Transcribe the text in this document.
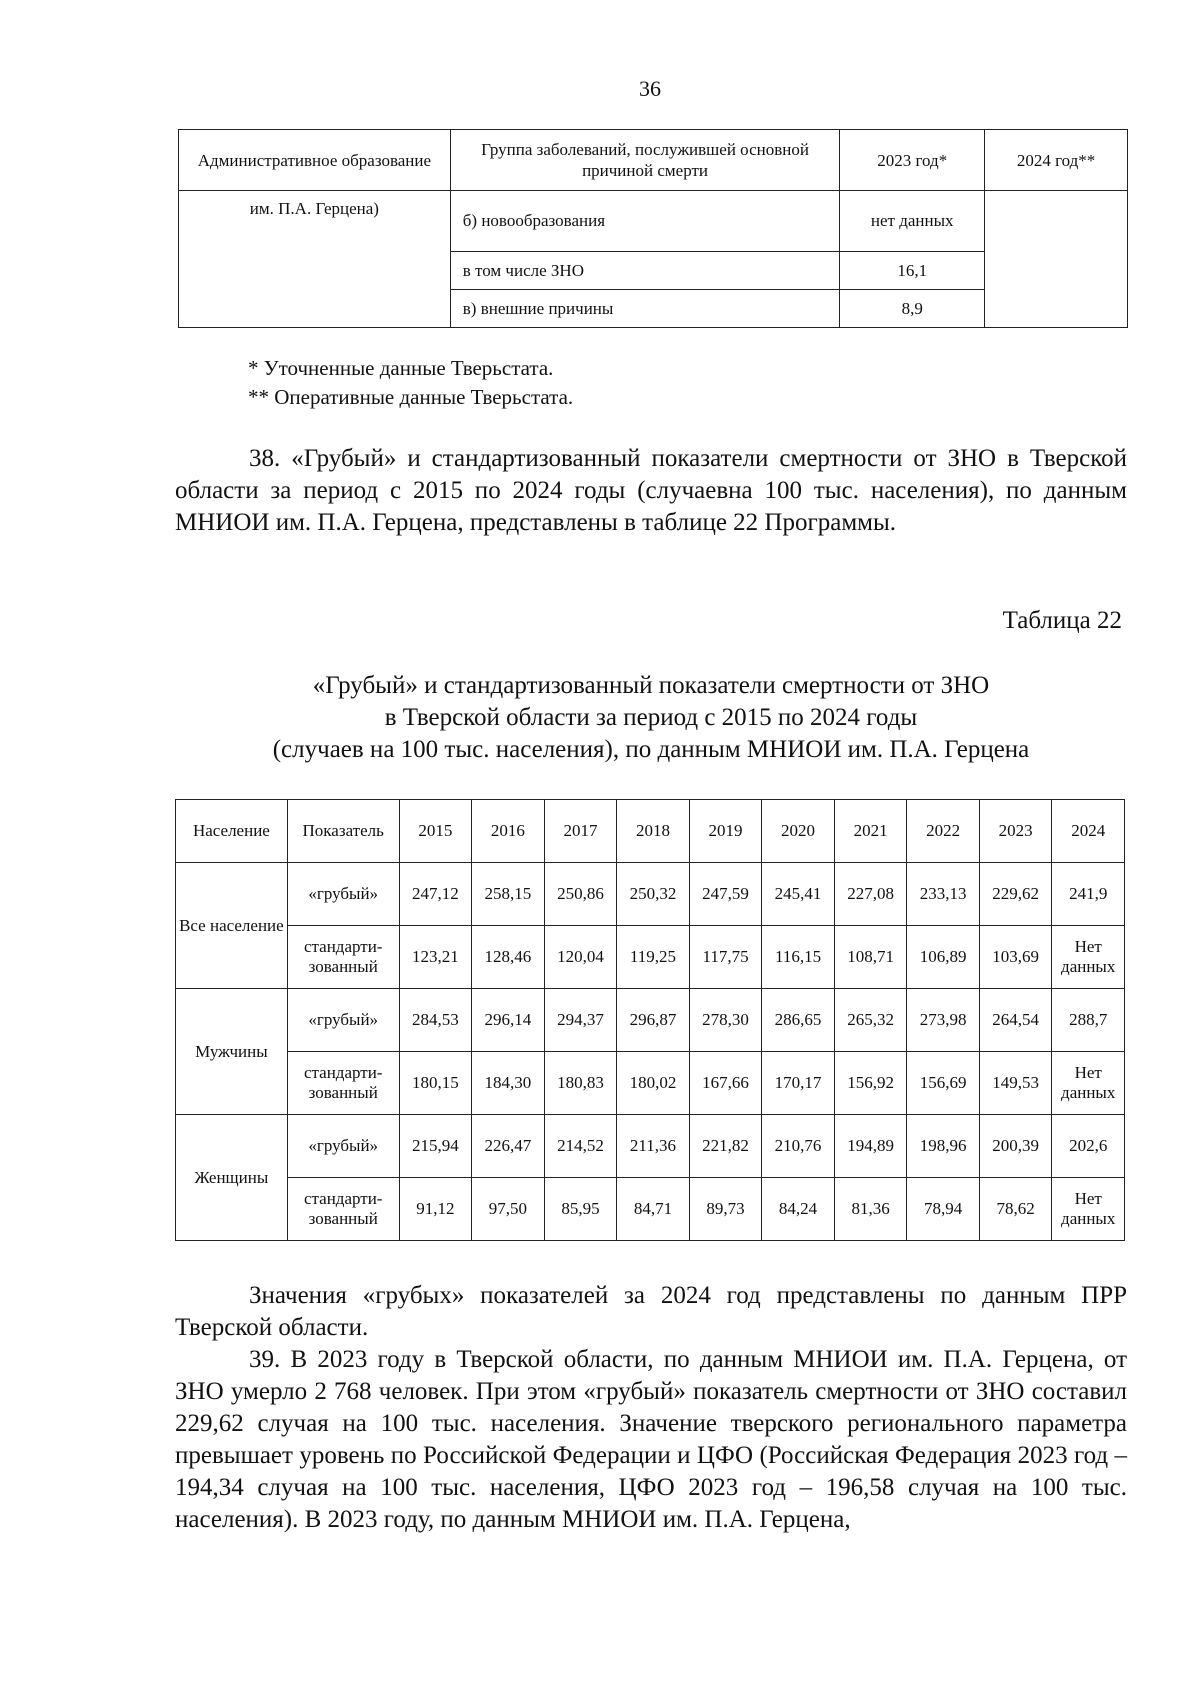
36
Административное образование	Группа заболеваний, послужившей основной причиной смерти	2023 год*	2024 год**
им. П.А. Герцена)	б) новообразования	нет данных	
	в том числе ЗНО	16,1	
	в) внешние причины	8,9	
* Уточненные данные Тверьстата.
** Оперативные данные Тверьстата.
38. «Грубый» и стандартизованный показатели смертности от ЗНО в Тверской области за период с 2015 по 2024 годы (случаевна 100 тыс. населения), по данным МНИОИ им. П.А. Герцена, представлены в таблице 22 Программы.
Таблица 22
«Грубый» и стандартизованный показатели смертности от ЗНО
в Тверской области за период с 2015 по 2024 годы
(случаев на 100 тыс. населения), по данным МНИОИ им. П.А. Герцена
Население	Показатель	2015	2016	2017	2018	2019	2020	2021	2022	2023	2024
Все население	«грубый»	247,12	258,15	250,86	250,32	247,59	245,41	227,08	233,13	229,62	241,9
	стандарти-зованный	123,21	128,46	120,04	119,25	117,75	116,15	108,71	106,89	103,69	Нет данных
Мужчины	«грубый»	284,53	296,14	294,37	296,87	278,30	286,65	265,32	273,98	264,54	288,7
	стандарти-зованный	180,15	184,30	180,83	180,02	167,66	170,17	156,92	156,69	149,53	Нет данных
Женщины	«грубый»	215,94	226,47	214,52	211,36	221,82	210,76	194,89	198,96	200,39	202,6
	стандарти-зованный	91,12	97,50	85,95	84,71	89,73	84,24	81,36	78,94	78,62	Нет данных
Значения «грубых» показателей за 2024 год представлены по данным ПРР Тверской области.
39. В 2023 году в Тверской области, по данным МНИОИ им. П.А. Герцена, от ЗНО умерло 2 768 человек. При этом «грубый» показатель смертности от ЗНО составил 229,62 случая на 100 тыс. населения. Значение тверского регионального параметра превышает уровень по Российской Федерации и ЦФО (Российская Федерация 2023 год – 194,34 случая на 100 тыс. населения, ЦФО 2023 год – 196,58 случая на 100 тыс. населения). В 2023 году, по данным МНИОИ им. П.А. Герцена,
